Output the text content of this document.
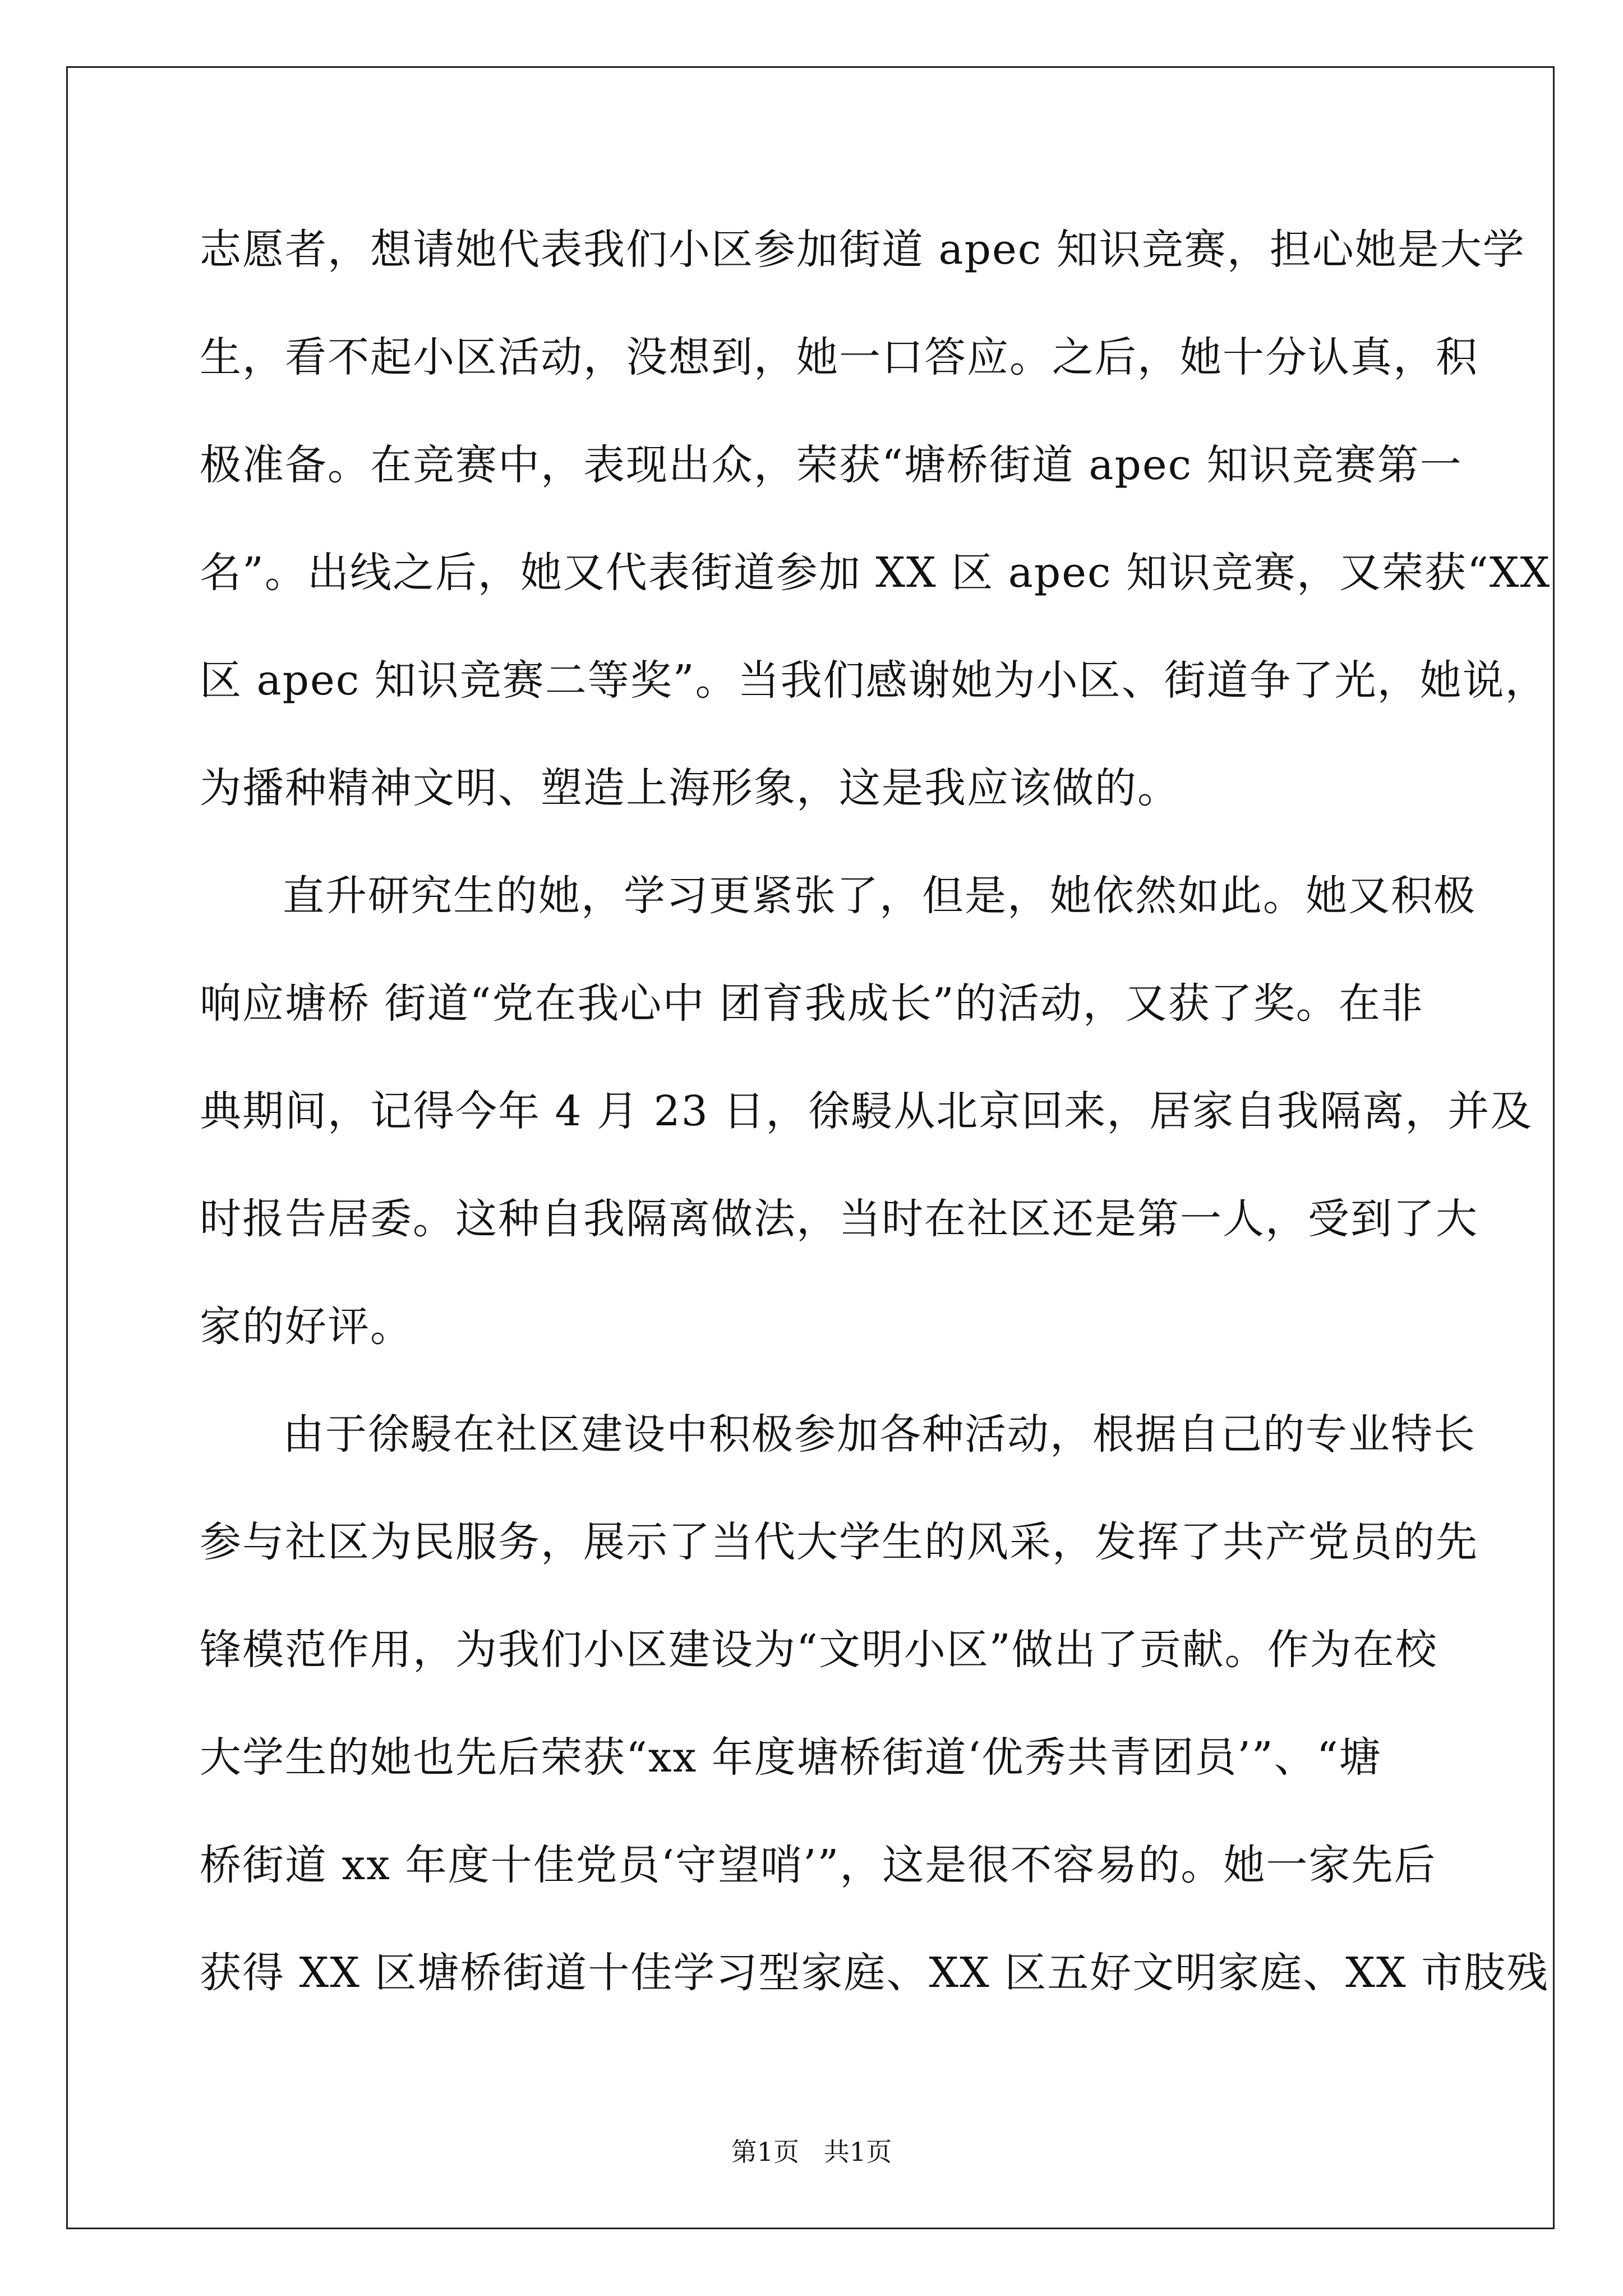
志愿者，想请她代表我们小区参加街道 apec 知识竞赛，担心她是大学
生，看不起小区活动，没想到，她一口答应。之后，她十分认真，积
极准备。在竞赛中，表现出众，荣获“塘桥街道 apec 知识竞赛第一
名”。出线之后，她又代表街道参加 XX 区 apec 知识竞赛，又荣获“XX
区 apec 知识竞赛二等奖”。当我们感谢她为小区、街道争了光，她说，
为播种精神文明、塑造上海形象，这是我应该做的。
直升研究生的她，学习更紧张了，但是，她依然如此。她又积极
响应塘桥 街道“党在我心中 团育我成长”的活动，又获了奖。在非
典期间，记得今年 4 月 23 日，徐駸从北京回来，居家自我隔离，并及
时报告居委。这种自我隔离做法，当时在社区还是第一人，受到了大
家的好评。
由于徐駸在社区建设中积极参加各种活动，根据自己的专业特长
参与社区为民服务，展示了当代大学生的风采，发挥了共产党员的先
锋模范作用，为我们小区建设为“文明小区”做出了贡献。作为在校
大学生的她也先后荣获“xx 年度塘桥街道‘优秀共青团员’”、“塘
桥街道 xx 年度十佳党员‘守望哨’”，这是很不容易的。她一家先后
获得 XX 区塘桥街道十佳学习型家庭、XX 区五好文明家庭、XX 市肢残
第1页   共1页
